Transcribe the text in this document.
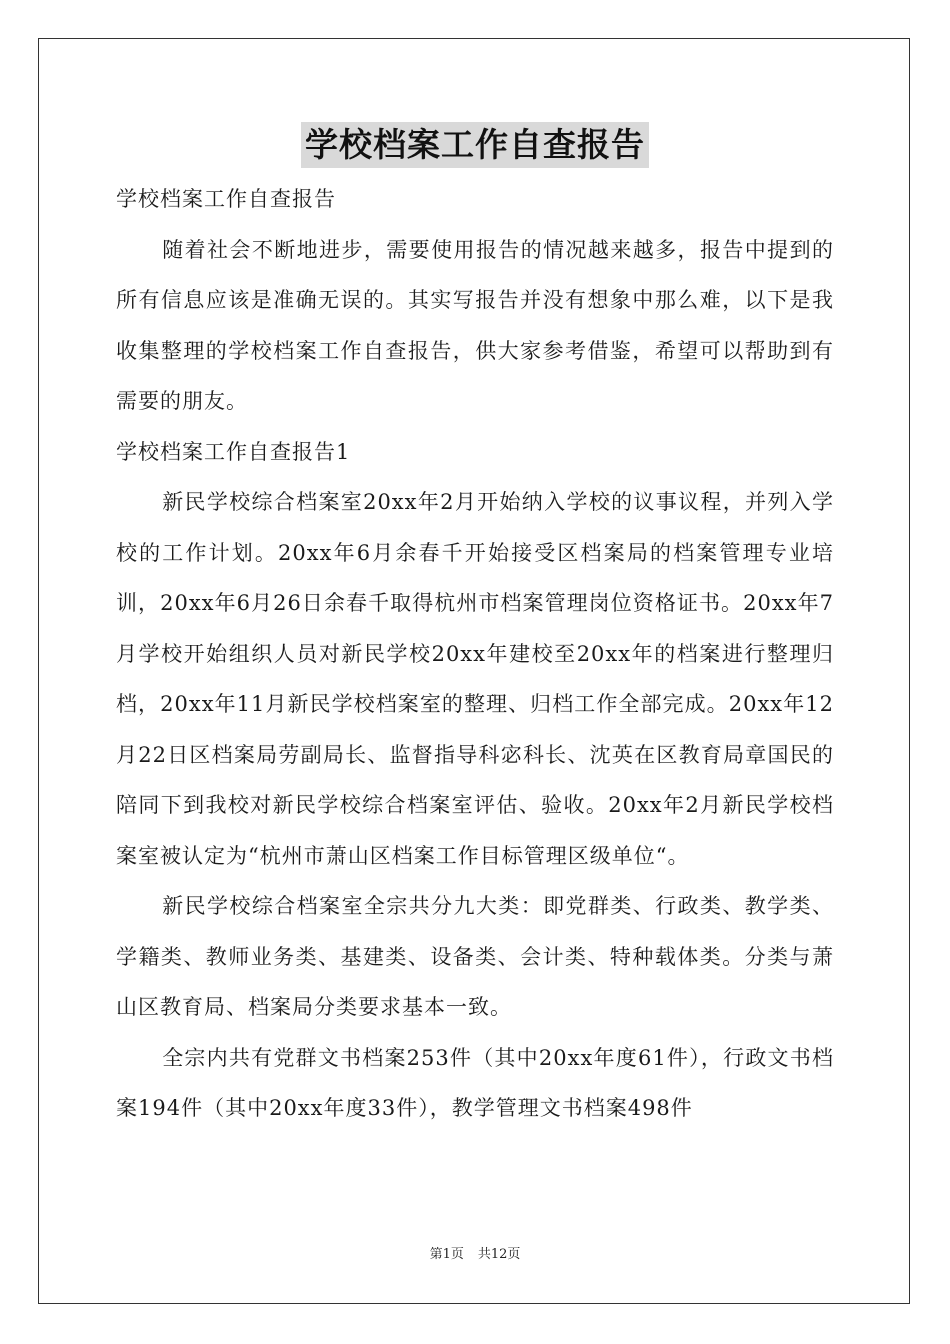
学校档案工作自查报告

学校档案工作自查报告

随着社会不断地进步，需要使用报告的情况越来越多，报告中提到的所有信息应该是准确无误的。其实写报告并没有想象中那么难，以下是我收集整理的学校档案工作自查报告，供大家参考借鉴，希望可以帮助到有需要的朋友。

学校档案工作自查报告1

新民学校综合档案室20xx年2月开始纳入学校的议事议程，并列入学校的工作计划。20xx年6月余春千开始接受区档案局的档案管理专业培训，20xx年6月26日余春千取得杭州市档案管理岗位资格证书。20xx年7月学校开始组织人员对新民学校20xx年建校至20xx年的档案进行整理归档，20xx年11月新民学校档案室的整理、归档工作全部完成。20xx年12月22日区档案局劳副局长、监督指导科宓科长、沈英在区教育局章国民的陪同下到我校对新民学校综合档案室评估、验收。20xx年2月新民学校档案室被认定为“杭州市萧山区档案工作目标管理区级单位“。

新民学校综合档案室全宗共分九大类：即党群类、行政类、教学类、学籍类、教师业务类、基建类、设备类、会计类、特种载体类。分类与萧山区教育局、档案局分类要求基本一致。

全宗内共有党群文书档案253件（其中20xx年度61件），行政文书档案194件（其中20xx年度33件），教学管理文书档案498件

第1页 共12页
